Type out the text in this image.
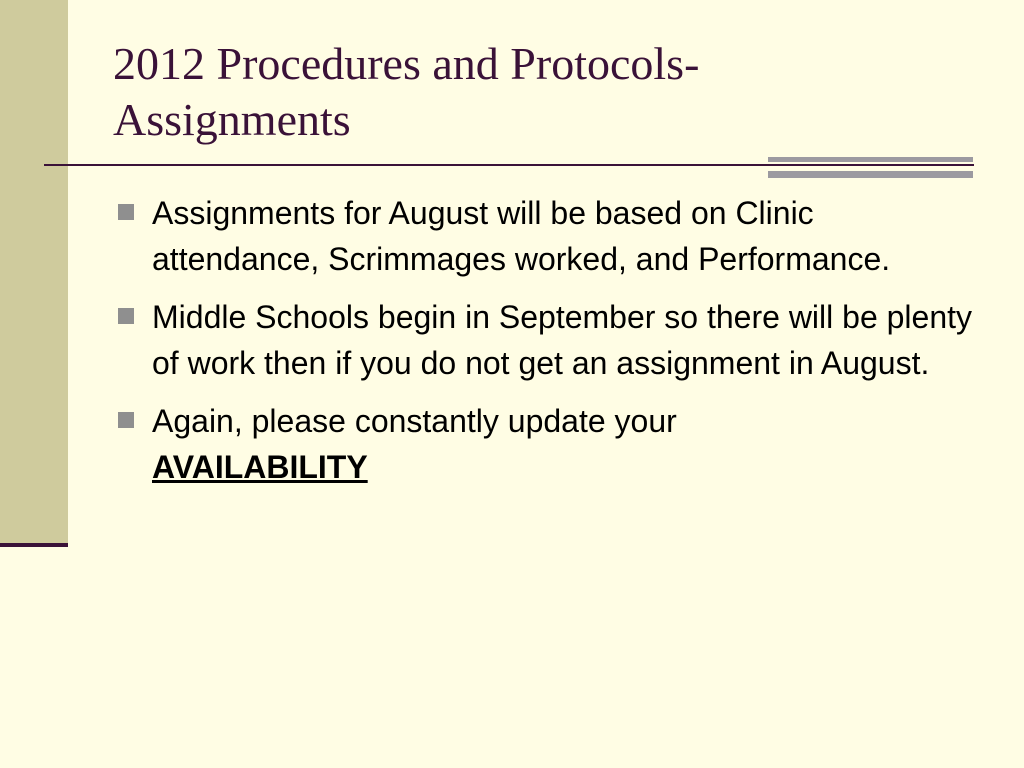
2012 Procedures and Protocols-
Assignments
Assignments for August will be based on Clinic attendance, Scrimmages worked, and Performance.
Middle Schools begin in September so there will be plenty of work then if you do not get an assignment in August.
Again, please constantly update your
AVAILABILITY
